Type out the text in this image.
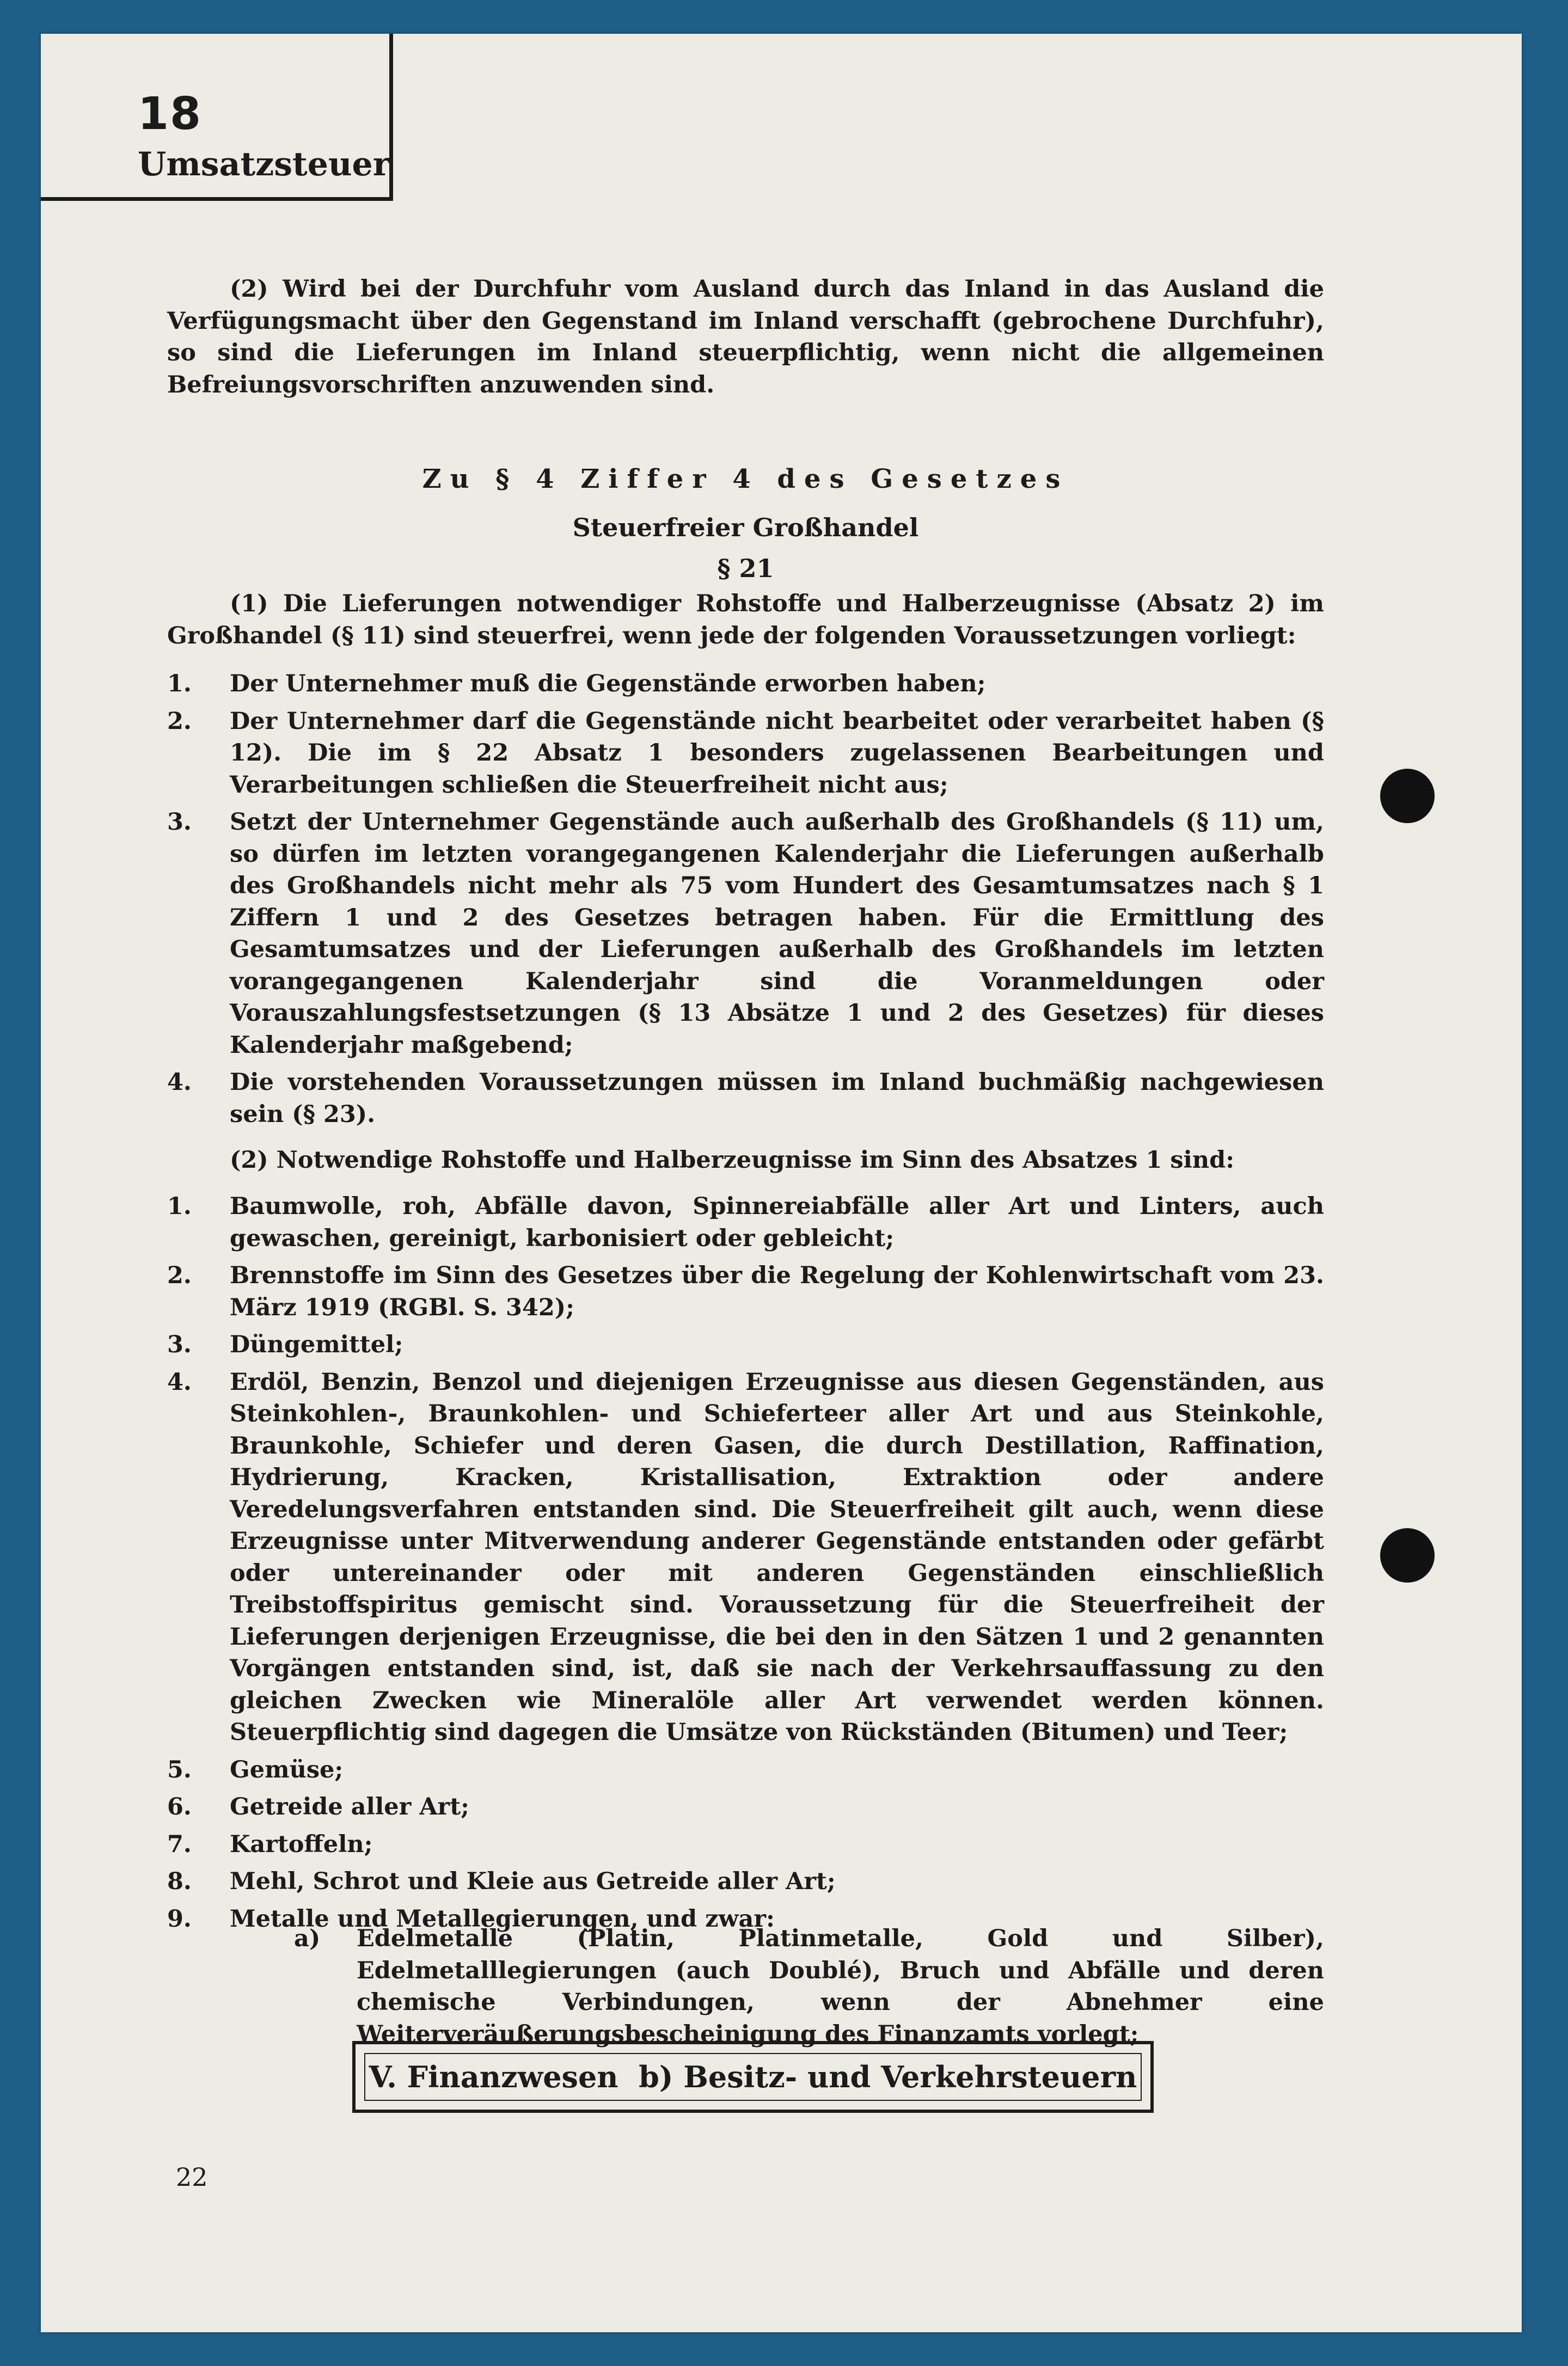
18
Umsatzsteuer
(2) Wird bei der Durchfuhr vom Ausland durch das Inland in das Ausland die Verfügungsmacht über den Gegenstand im Inland verschafft (gebrochene Durchfuhr), so sind die Lieferungen im Inland steuerpflichtig, wenn nicht die allgemeinen Befreiungsvorschriften anzuwenden sind.
Zu § 4 Ziffer 4 des Gesetzes
Steuerfreier Großhandel
§ 21
(1) Die Lieferungen notwendiger Rohstoffe und Halberzeugnisse (Absatz 2) im Großhandel (§ 11) sind steuerfrei, wenn jede der folgenden Voraussetzungen vorliegt:
1.	Der Unternehmer muß die Gegenstände erworben haben;
2.	Der Unternehmer darf die Gegenstände nicht bearbeitet oder verarbeitet haben (§ 12). Die im § 22 Absatz 1 besonders zugelassenen Bearbeitungen und Verarbeitungen schließen die Steuerfreiheit nicht aus;
3.	Setzt der Unternehmer Gegenstände auch außerhalb des Großhandels (§ 11) um, so dürfen im letzten vorangegangenen Kalenderjahr die Lieferungen außerhalb des Großhandels nicht mehr als 75 vom Hundert des Gesamtumsatzes nach § 1 Ziffern 1 und 2 des Gesetzes betragen haben. Für die Ermittlung des Gesamtumsatzes und der Lieferungen außerhalb des Großhandels im letzten vorangegangenen Kalenderjahr sind die Voranmeldungen oder Vorauszahlungsfestsetzungen (§ 13 Absätze 1 und 2 des Gesetzes) für dieses Kalenderjahr maßgebend;
4.	Die vorstehenden Voraussetzungen müssen im Inland buchmäßig nachgewiesen sein (§ 23).
(2) Notwendige Rohstoffe und Halberzeugnisse im Sinn des Absatzes 1 sind:
1.	Baumwolle, roh, Abfälle davon, Spinnereiabfälle aller Art und Linters, auch gewaschen, gereinigt, karbonisiert oder gebleicht;
2.	Brennstoffe im Sinn des Gesetzes über die Regelung der Kohlenwirtschaft vom 23. März 1919 (RGBl. S. 342);
3.	Düngemittel;
4.	Erdöl, Benzin, Benzol und diejenigen Erzeugnisse aus diesen Gegenständen, aus Steinkohlen-, Braunkohlen- und Schieferteer aller Art und aus Steinkohle, Braunkohle, Schiefer und deren Gasen, die durch Destillation, Raffination, Hydrierung, Kracken, Kristallisation, Extraktion oder andere Veredelungsverfahren entstanden sind. Die Steuerfreiheit gilt auch, wenn diese Erzeugnisse unter Mitverwendung anderer Gegenstände entstanden oder gefärbt oder untereinander oder mit anderen Gegenständen einschließlich Treibstoffspiritus gemischt sind. Voraussetzung für die Steuerfreiheit der Lieferungen derjenigen Erzeugnisse, die bei den in den Sätzen 1 und 2 genannten Vorgängen entstanden sind, ist, daß sie nach der Verkehrsauffassung zu den gleichen Zwecken wie Mineralöle aller Art verwendet werden können. Steuerpflichtig sind dagegen die Umsätze von Rückständen (Bitumen) und Teer;
5.	Gemüse;
6.	Getreide aller Art;
7.	Kartoffeln;
8.	Mehl, Schrot und Kleie aus Getreide aller Art;
9.	Metalle und Metallegierungen, und zwar:
a)	Edelmetalle (Platin, Platinmetalle, Gold und Silber), Edelmetalllegierungen (auch Doublé), Bruch und Abfälle und deren chemische Verbindungen, wenn der Abnehmer eine Weiterveräußerungsbescheinigung des Finanzamts vorlegt;
V. Finanzwesen  b) Besitz- und Verkehrsteuern
22
